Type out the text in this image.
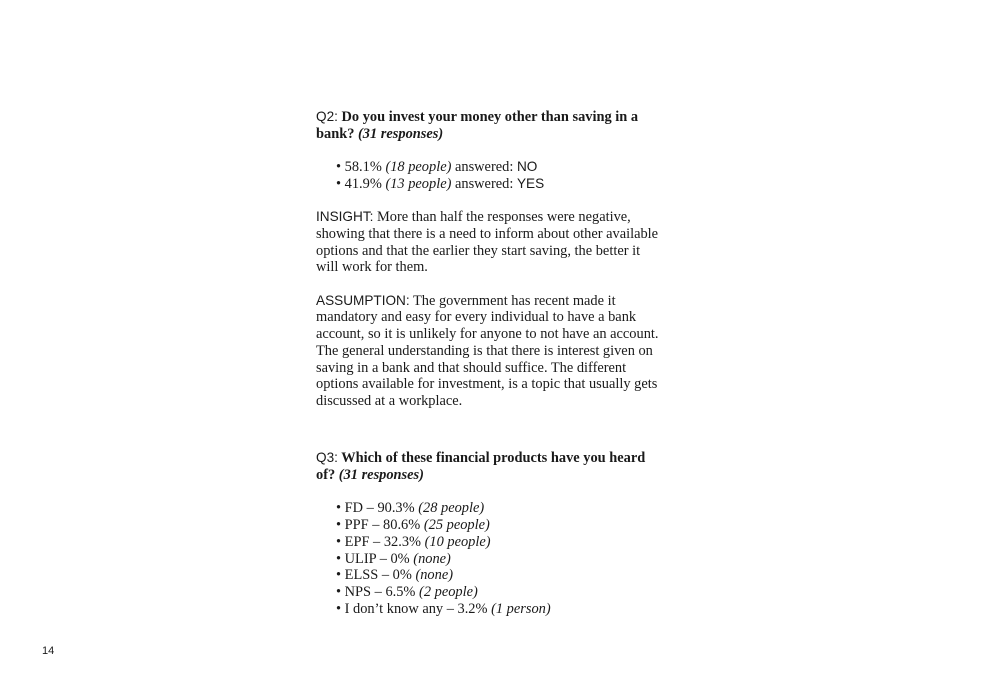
Q2: Do you invest your money other than saving in a bank? (31 responses)

• 58.1% (18 people) answered: NO
• 41.9% (13 people) answered: YES

INSIGHT: More than half the responses were negative, showing that there is a need to inform about other available options and that the earlier they start saving, the better it will work for them.

ASSUMPTION: The government has recent made it mandatory and easy for every individual to have a bank account, so it is unlikely for anyone to not have an account. The general understanding is that there is interest given on saving in a bank and that should suffice. The different options available for investment, is a topic that usually gets discussed at a workplace.

Q3: Which of these financial products have you heard of? (31 responses)

• FD – 90.3% (28 people)
• PPF – 80.6% (25 people)
• EPF – 32.3% (10 people)
• ULIP – 0% (none)
• ELSS – 0% (none)
• NPS – 6.5% (2 people)
• I don’t know any – 3.2% (1 person)
14
